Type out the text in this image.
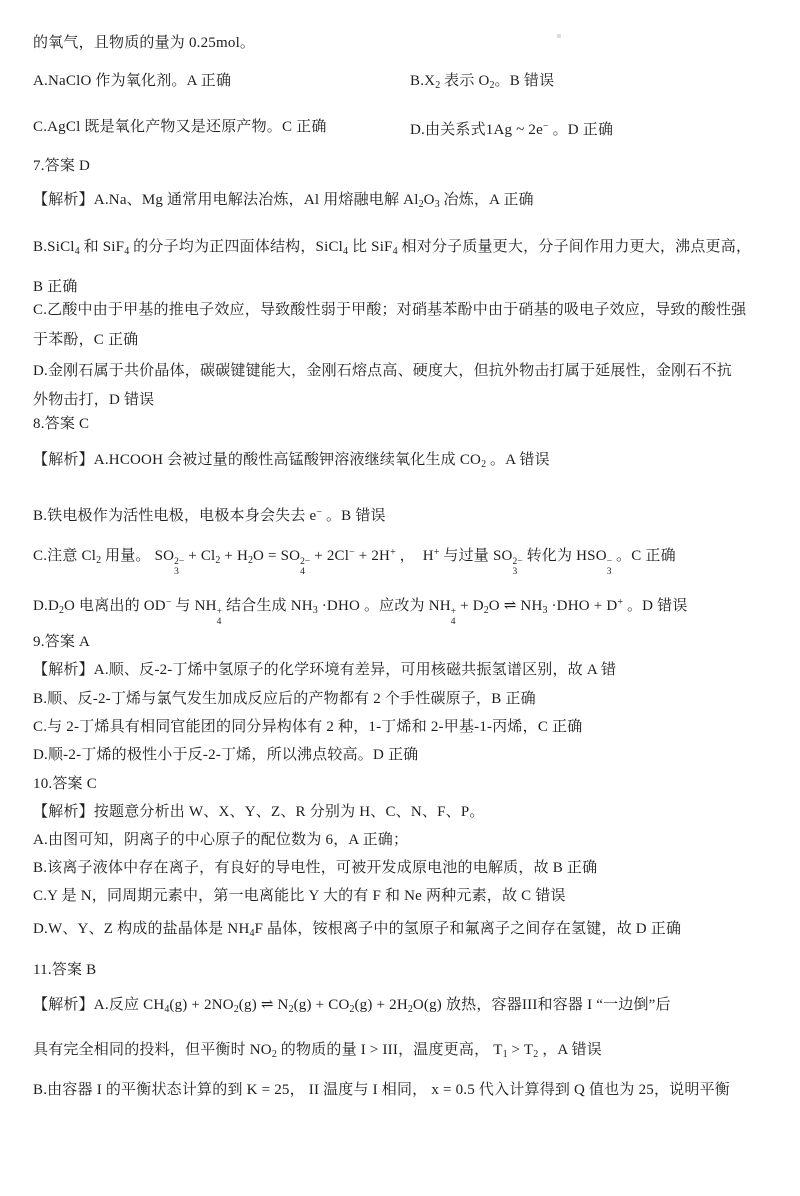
的氧气，且物质的量为 0.25mol。
A.NaClO 作为氧化剂。A 正确	$B.X_2$ 表示 $O_2$。B 错误
C.AgCl 既是氧化产物又是还原产物。C 正确	D.由关系式1Ag ~ 2e− 。D 正确
7.答案 D
【解析】A.Na、Mg 通常用电解法冶炼，Al 用熔融电解 $Al_2O_3$ 冶炼，A 正确
B.SiCl$_4$ 和 SiF$_4$ 的分子均为正四面体结构，SiCl$_4$ 比 SiF$_4$ 相对分子质量更大，分子间作用力更大，沸点更高，
B 正确
C.乙酸中由于甲基的推电子效应，导致酸性弱于甲酸；对硝基苯酚中由于硝基的吸电子效应，导致的酸性强
于苯酚，C 正确
D.金刚石属于共价晶体，碳碳键键能大，金刚石熔点高、硬度大，但抗外物击打属于延展性，金刚石不抗
外物击打，D 错误
8.答案 C
【解析】A.HCOOH 会被过量的酸性高锰酸钾溶液继续氧化生成 $CO_2$ 。A 错误
B.铁电极作为活性电极，电极本身会失去 e− 。B 错误
C.注意 $Cl_2$ 用量。 SO 2−
3
+ $Cl_2 + H_2O$ = SO 2−
4
+ 2Cl− + 2H+ ，  H+ 与过量 SO 2−
3
转化为 HSO −
3
。C 正确
$D.D_2O$ 电离出的 OD− 与 NH +
4
结合生成 $NH_3 \cdot DHO$ 。应改为 NH +
4
+ $D_2O$ ⇌ $NH_3 \cdot DHO + D^+$ 。D 错误
9.答案 A
【解析】A.顺、反-2-丁烯中氢原子的化学环境有差异，可用核磁共振氢谱区别，故 A 错
B.顺、反-2-丁烯与氯气发生加成反应后的产物都有 2 个手性碳原子，B 正确
C.与 2-丁烯具有相同官能团的同分异构体有 2 种，1-丁烯和 2-甲基-1-丙烯，C 正确
D.顺-2-丁烯的极性小于反-2-丁烯，所以沸点较高。D 正确
10.答案 C
【解析】按题意分析出 W、X、Y、Z、R 分别为 H、C、N、F、P。
A.由图可知，阴离子的中心原子的配位数为 6，A 正确；
B.该离子液体中存在离子，有良好的导电性，可被开发成原电池的电解质，故 B 正确
C.Y 是 N，同周期元素中，第一电离能比 Y 大的有 F 和 Ne 两种元素，故 C 错误
D.W、Y、Z 构成的盐晶体是 $NH_4F$ 晶体，铵根离子中的氢原子和氟离子之间存在氢键，故 D 正确
11.答案 B
【解析】A.反应 $CH_4(g) + 2NO_2(g)$ ⇌ $N_2(g) + CO_2(g) + 2H_2O(g)$ 放热，容器III和容器 I “一边倒”后
具有完全相同的投料，但平衡时 $NO_2$ 的物质的量 I > III，温度更高， $T_1 > T_2$ ，A 错误
B.由容器 I 的平衡状态计算的到 K = 25， II 温度与 I 相同， x = 0.5 代入计算得到 Q 值也为 25，说明平衡
